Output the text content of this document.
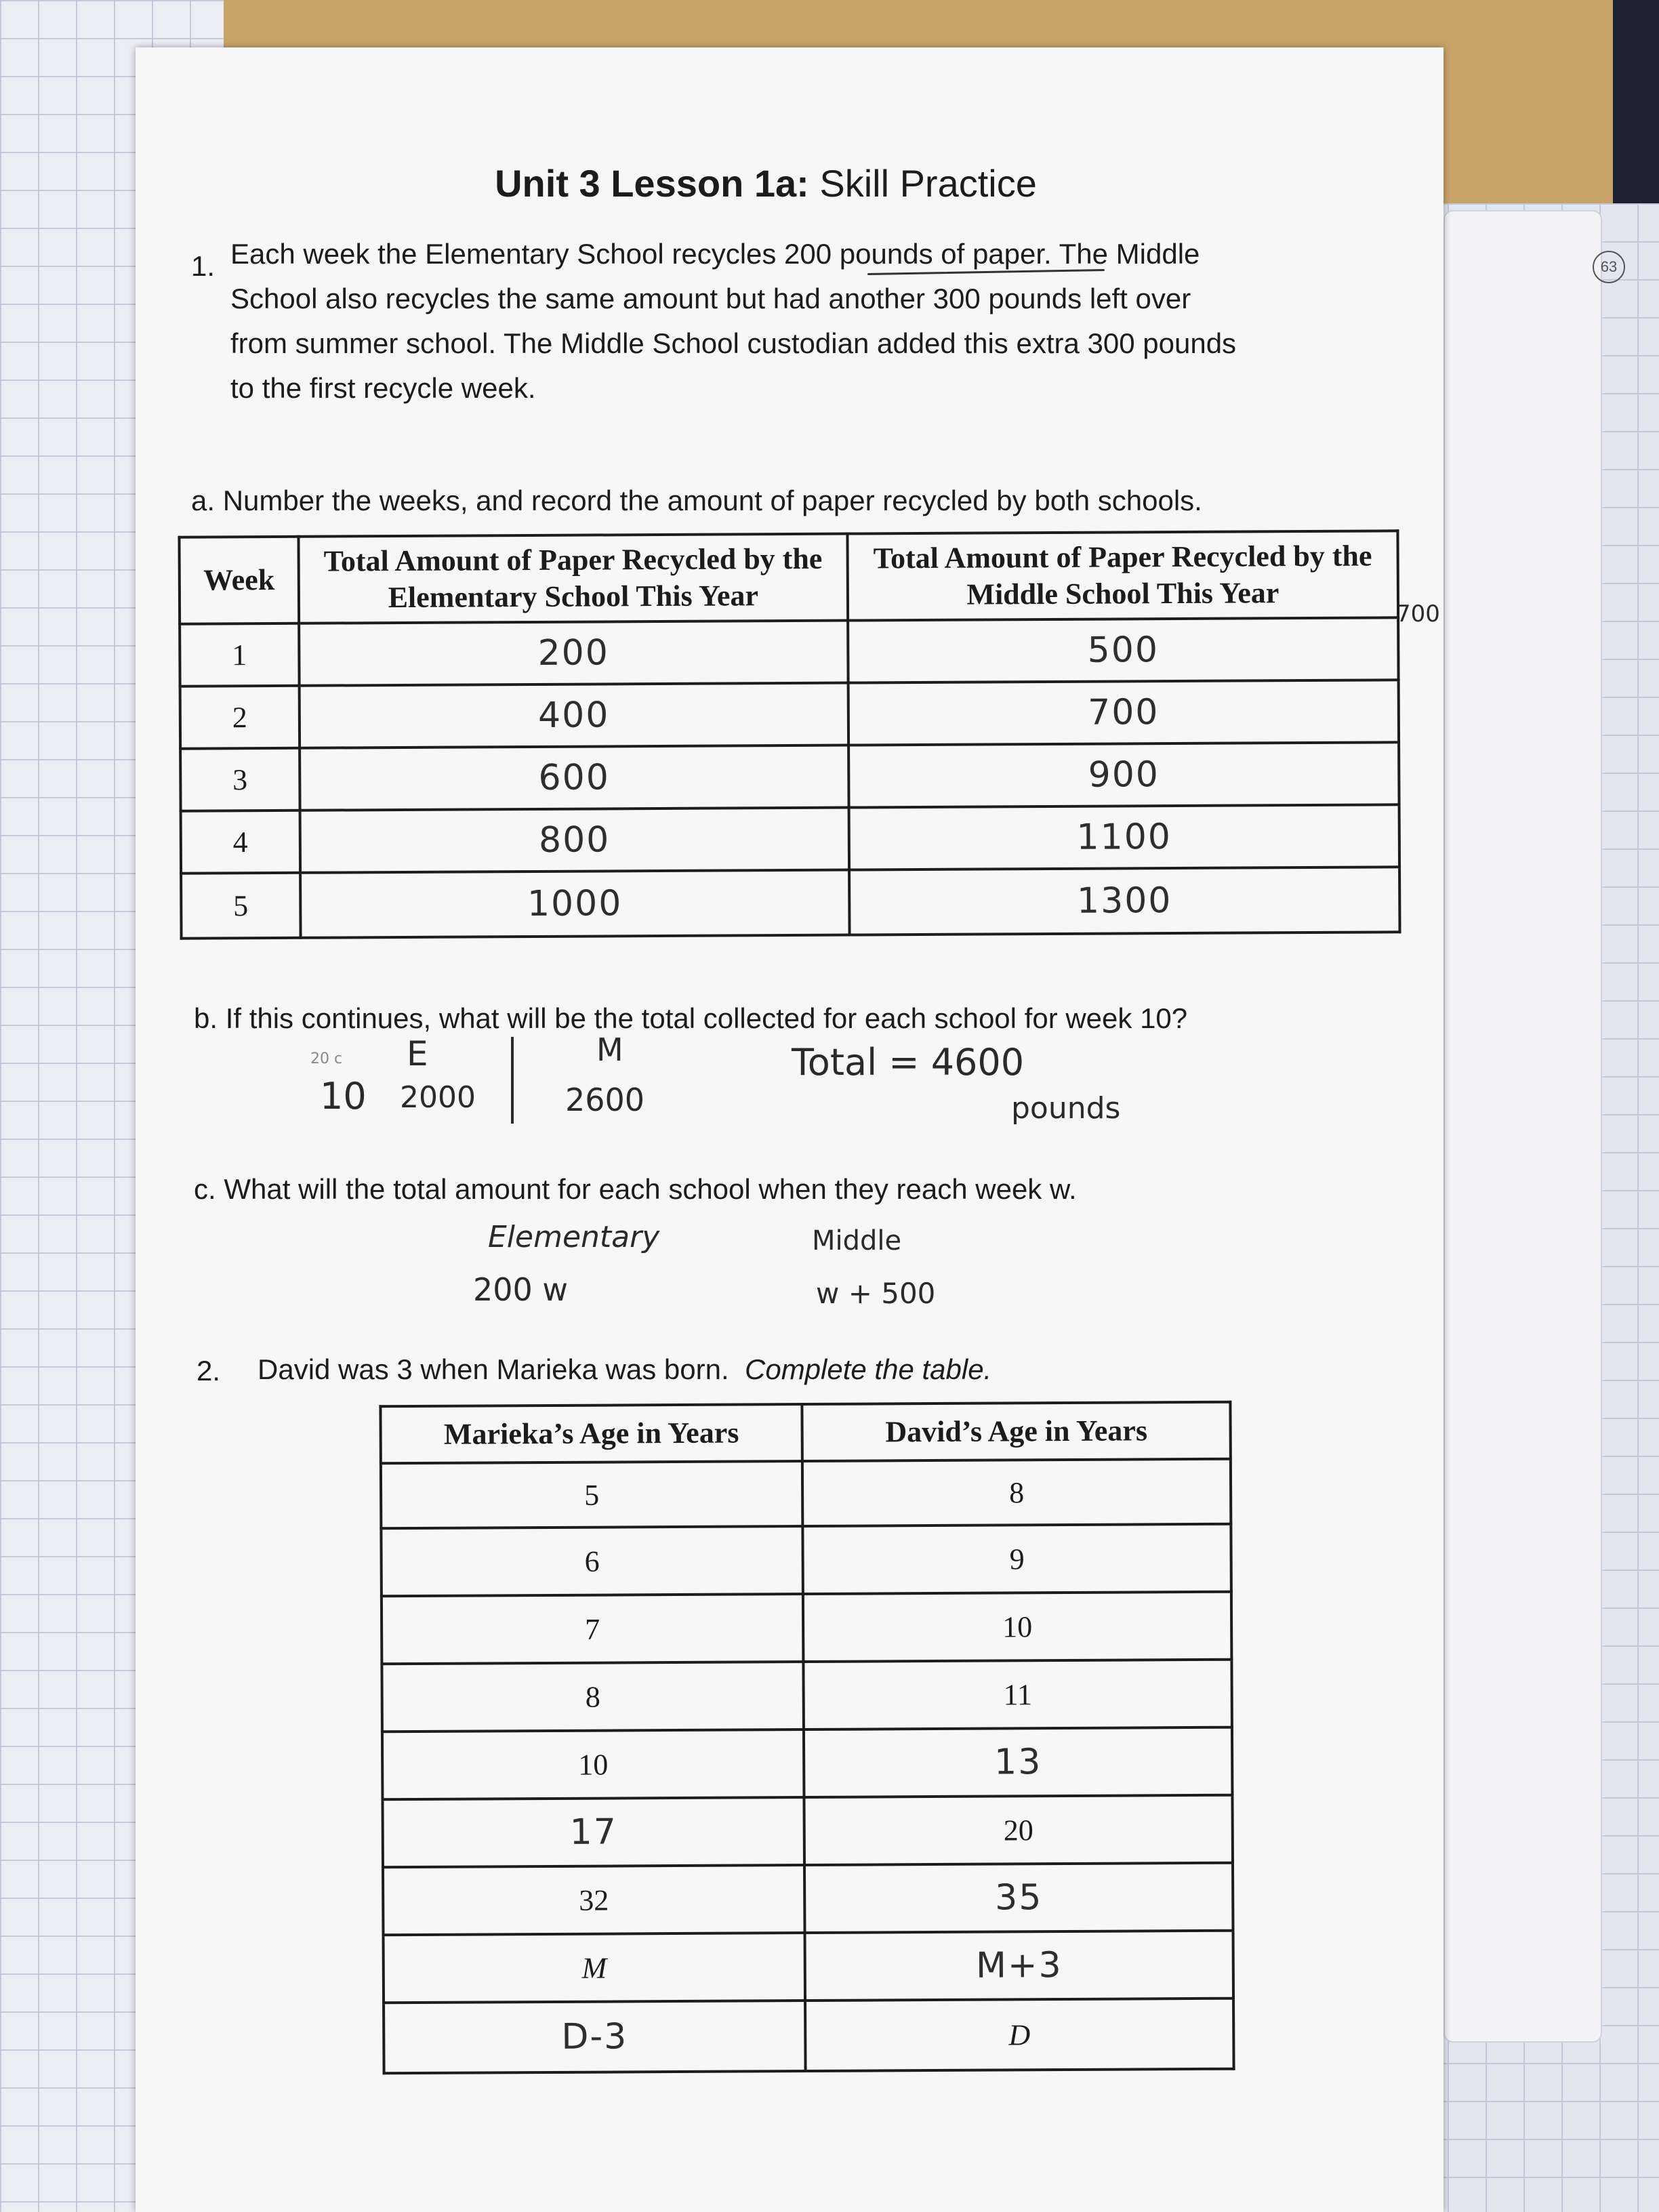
63
Unit 3 Lesson 1a: Skill Practice
1. Each week the Elementary School recycles 200 pounds of paper. The Middle
School also recycles the same amount but had another 300 pounds left over
from summer school. The Middle School custodian added this extra 300 pounds
to the first recycle week.
a. Number the weeks, and record the amount of paper recycled by both schools.
700
Week	Total Amount of Paper Recycled by the Elementary School This Year	Total Amount of Paper Recycled by the Middle School This Year
1	200	500
2	400	700
3	600	900
4	800	1100
5	1000	1300
b. If this continues, what will be the total collected for each school for week 10?
20 c E	M
10 2000	2600
Total = 4600
pounds
c. What will the total amount for each school when they reach week w.
Elementary
200 w
Middle
w + 500
2. David was 3 when Marieka was born. Complete the table.
Marieka’s Age in Years	David’s Age in Years
5	8
6	9
7	10
8	11
10	13
17	20
32	35
M	M+3
D-3	D
